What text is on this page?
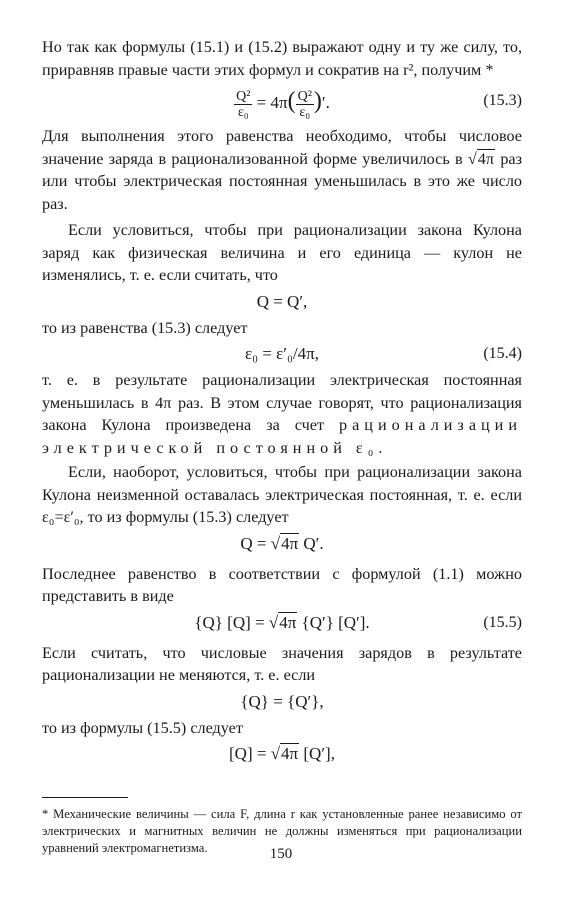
Но так как формулы (15.1) и (15.2) выражают одну и ту же силу, то, приравняв правые части этих формул и сократив на r², получим *

$\frac{\text{Q²}}{\text{ε₀}} = 4\pi( \frac{\text{Q²}}{\text{ε₀}}$ )′.	(15.3)

Для выполнения этого равенства необходимо, чтобы числовое значение заряда в рационализованной форме увеличилось в √4π раз или чтобы электрическая постоянная уменьшилась в это же число раз.

Если условиться, чтобы при рационализации закона Кулона заряд как физическая величина и его единица — кулон не изменялись, т. е. если считать, что

Q = Q′,

то из равенства (15.3) следует

ε₀ = ε′₀/4π,	(15.4)

т. е. в результате рационализации электрическая постоянная уменьшилась в 4π раз. В этом случае говорят, что рационализация закона Кулона произведена за счет рационализации электрической постоянной ε₀.

Если, наоборот, условиться, чтобы при рационализации закона Кулона неизменной оставалась электрическая постоянная, т. е. если ε₀=ε′₀, то из формулы (15.3) следует

Q = √4π Q′.

Последнее равенство в соответствии с формулой (1.1) можно представить в виде

{Q} [Q] = √4π {Q′} [Q′].	(15.5)

Если считать, что числовые значения зарядов в результате рационализации не меняются, т. е. если

{Q} = {Q′},

то из формулы (15.5) следует

[Q] = √4π [Q′],

* Механические величины — сила F, длина r как установленные ранее независимо от электрических и магнитных величин не должны изменяться при рационализации уравнений электромагнетизма.	150
